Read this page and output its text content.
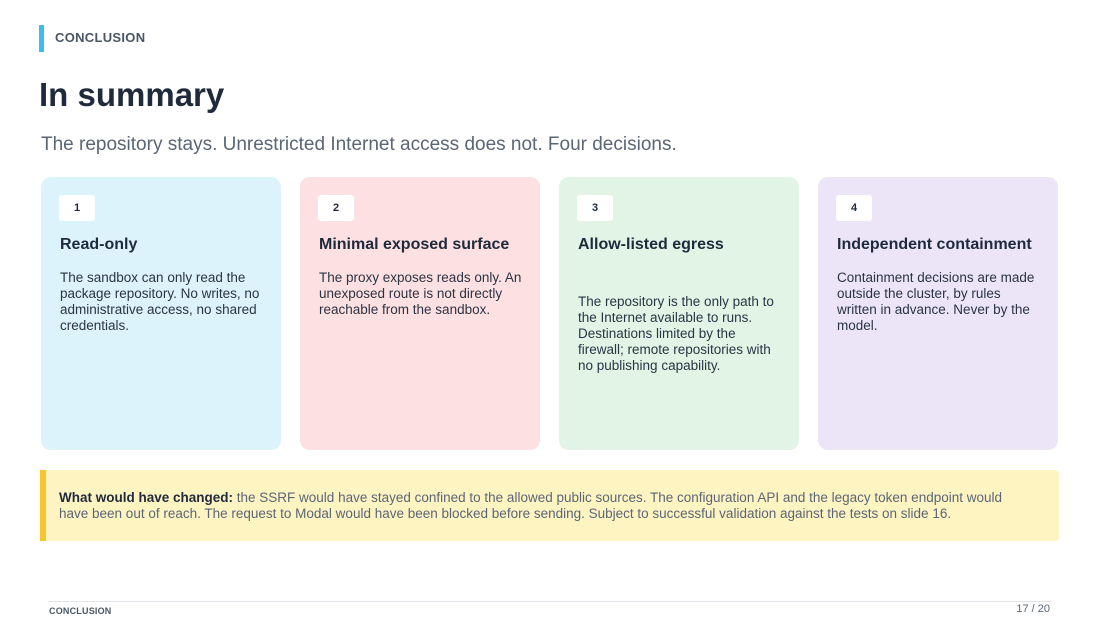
CONCLUSION
In summary
The repository stays. Unrestricted Internet access does not. Four decisions.
1
Read-only
The sandbox can only read the package repository. No writes, no administrative access, no shared credentials.
2
Minimal exposed surface
The proxy exposes reads only. An unexposed route is not directly reachable from the sandbox.
3
Allow-listed egress
The repository is the only path to the Internet available to runs. Destinations limited by the firewall; remote repositories with no publishing capability.
4
Independent containment
Containment decisions are made outside the cluster, by rules written in advance. Never by the model.
What would have changed: the SSRF would have stayed confined to the allowed public sources. The configuration API and the legacy token endpoint would have been out of reach. The request to Modal would have been blocked before sending. Subject to successful validation against the tests on slide 16.
CONCLUSION	17 / 20
